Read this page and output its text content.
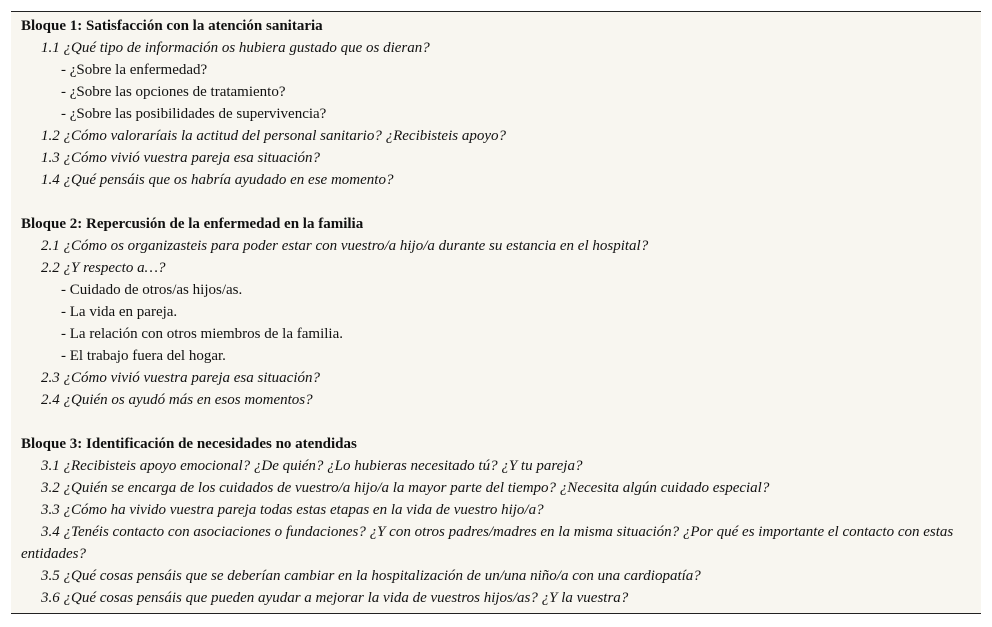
Bloque 1: Satisfacción con la atención sanitaria
1.1 ¿Qué tipo de información os hubiera gustado que os dieran?
- ¿Sobre la enfermedad?
- ¿Sobre las opciones de tratamiento?
- ¿Sobre las posibilidades de supervivencia?
1.2 ¿Cómo valoraríais la actitud del personal sanitario? ¿Recibisteis apoyo?
1.3 ¿Cómo vivió vuestra pareja esa situación?
1.4 ¿Qué pensáis que os habría ayudado en ese momento?
Bloque 2: Repercusión de la enfermedad en la familia
2.1 ¿Cómo os organizasteis para poder estar con vuestro/a hijo/a durante su estancia en el hospital?
2.2 ¿Y respecto a…?
- Cuidado de otros/as hijos/as.
- La vida en pareja.
- La relación con otros miembros de la familia.
- El trabajo fuera del hogar.
2.3 ¿Cómo vivió vuestra pareja esa situación?
2.4 ¿Quién os ayudó más en esos momentos?
Bloque 3: Identificación de necesidades no atendidas
3.1 ¿Recibisteis apoyo emocional? ¿De quién? ¿Lo hubieras necesitado tú? ¿Y tu pareja?
3.2 ¿Quién se encarga de los cuidados de vuestro/a hijo/a la mayor parte del tiempo? ¿Necesita algún cuidado especial?
3.3 ¿Cómo ha vivido vuestra pareja todas estas etapas en la vida de vuestro hijo/a?
3.4 ¿Tenéis contacto con asociaciones o fundaciones? ¿Y con otros padres/madres en la misma situación? ¿Por qué es importante el contacto con estas entidades?
3.5 ¿Qué cosas pensáis que se deberían cambiar en la hospitalización de un/una niño/a con una cardiopatía?
3.6 ¿Qué cosas pensáis que pueden ayudar a mejorar la vida de vuestros hijos/as? ¿Y la vuestra?
